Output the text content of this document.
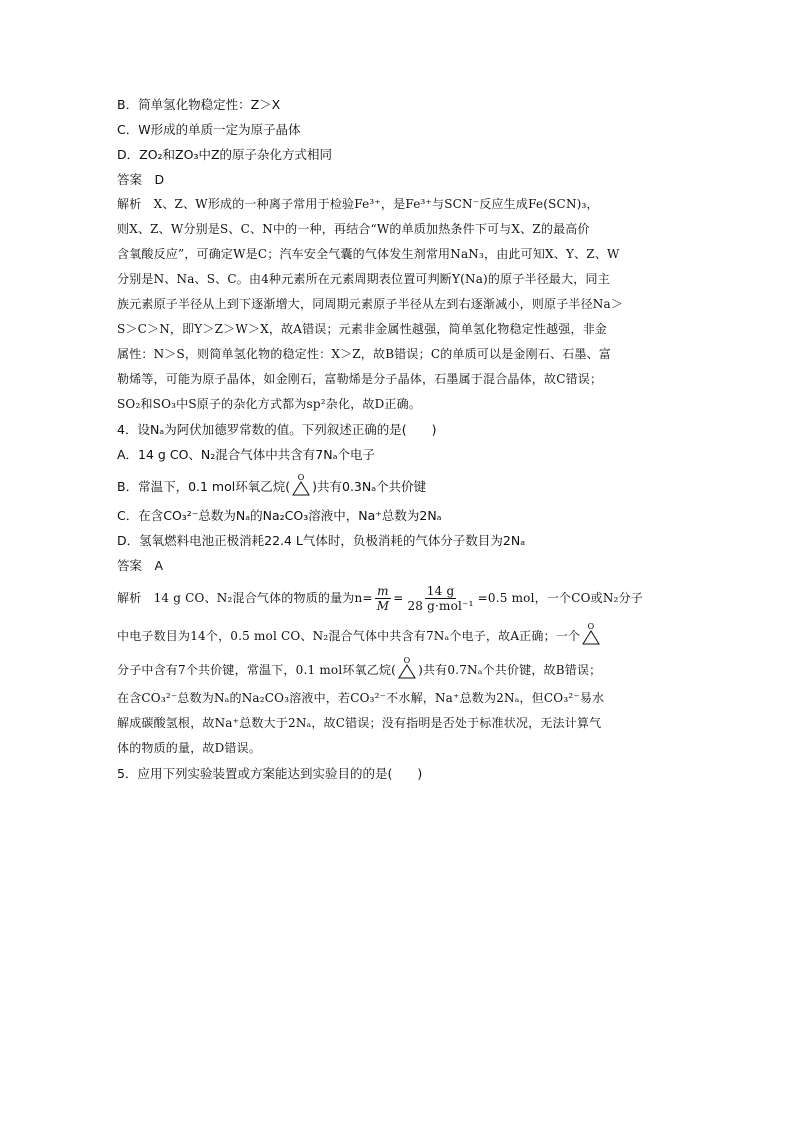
B．简单氢化物稳定性：Z＞X
C．W形成的单质一定为原子晶体
D．ZO₂和ZO₃中Z的原子杂化方式相同
答案　D
解析　X、Z、W形成的一种离子常用于检验Fe³⁺，是Fe³⁺与SCN⁻反应生成Fe(SCN)₃，
则X、Z、W分别是S、C、N中的一种，再结合“W的单质加热条件下可与X、Z的最高价
含氧酸反应”，可确定W是C；汽车安全气囊的气体发生剂常用NaN₃，由此可知X、Y、Z、W
分别是N、Na、S、C。由4种元素所在元素周期表位置可判断Y(Na)的原子半径最大，同主
族元素原子半径从上到下逐渐增大，同周期元素原子半径从左到右逐渐减小，则原子半径Na＞
S＞C＞N，即Y＞Z＞W＞X，故A错误；元素非金属性越强，简单氢化物稳定性越强，非金
属性：N＞S，则简单氢化物的稳定性：X＞Z，故B错误；C的单质可以是金刚石、石墨、富
勒烯等，可能为原子晶体，如金刚石，富勒烯是分子晶体，石墨属于混合晶体，故C错误；
SO₂和SO₃中S原子的杂化方式都为sp²杂化，故D正确。
4．设Nₐ为阿伏加德罗常数的值。下列叙述正确的是(　　)
A．14 g CO、N₂混合气体中共含有7Nₐ个电子
B．常温下，0.1 mol环氧乙烷(
O
)共有0.3Nₐ个共价键
C．在含CO₃²⁻总数为Nₐ的Na₂CO₃溶液中，Na⁺总数为2Nₐ
D．氢氧燃料电池正极消耗22.4 L气体时，负极消耗的气体分子数目为2Nₐ
答案　A
解析　14 g CO、N₂混合气体的物质的量为$n= \frac{m}{M} = \frac{14 g}{\text{28 g·mol⁻¹}} =0.5$ mol，一个CO或N₂分子
中电子数目为14个，0.5 mol CO、N₂混合气体中共含有7Nₐ个电子，故A正确；一个
O
分子中含有7个共价键，常温下，0.1 mol环氧乙烷(
O
)共有0.7Nₐ个共价键，故B错误；
在含CO₃²⁻总数为Nₐ的Na₂CO₃溶液中，若CO₃²⁻不水解，Na⁺总数为2Nₐ，但CO₃²⁻易水
解成碳酸氢根，故Na⁺总数大于2Nₐ，故C错误；没有指明是否处于标准状况，无法计算气
体的物质的量，故D错误。
5．应用下列实验装置或方案能达到实验目的的是(　　)
